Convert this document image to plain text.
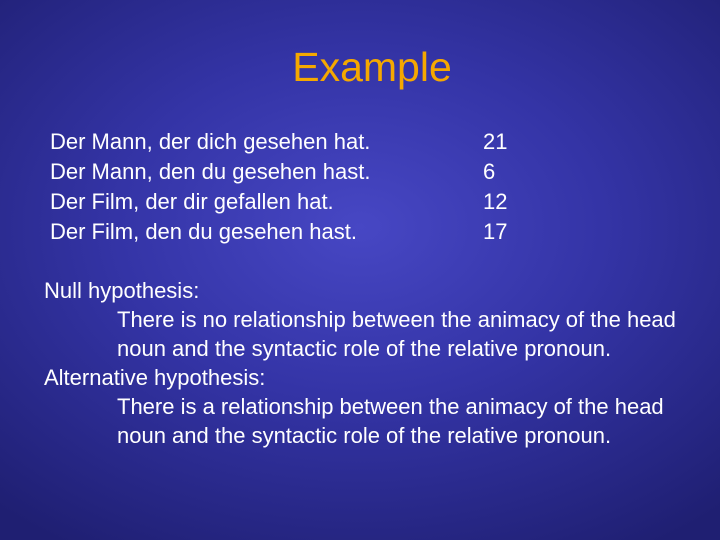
Example
Der Mann, der dich gesehen hat.	21
Der Mann, den du gesehen hast.	6
Der Film, der dir gefallen hat.	12
Der Film, den du gesehen hast.	17
Null hypothesis:
There is no relationship between the animacy of the head noun and the syntactic role of the relative pronoun.
Alternative hypothesis:
There is a relationship between the animacy of the head noun and the syntactic role of the relative pronoun.
